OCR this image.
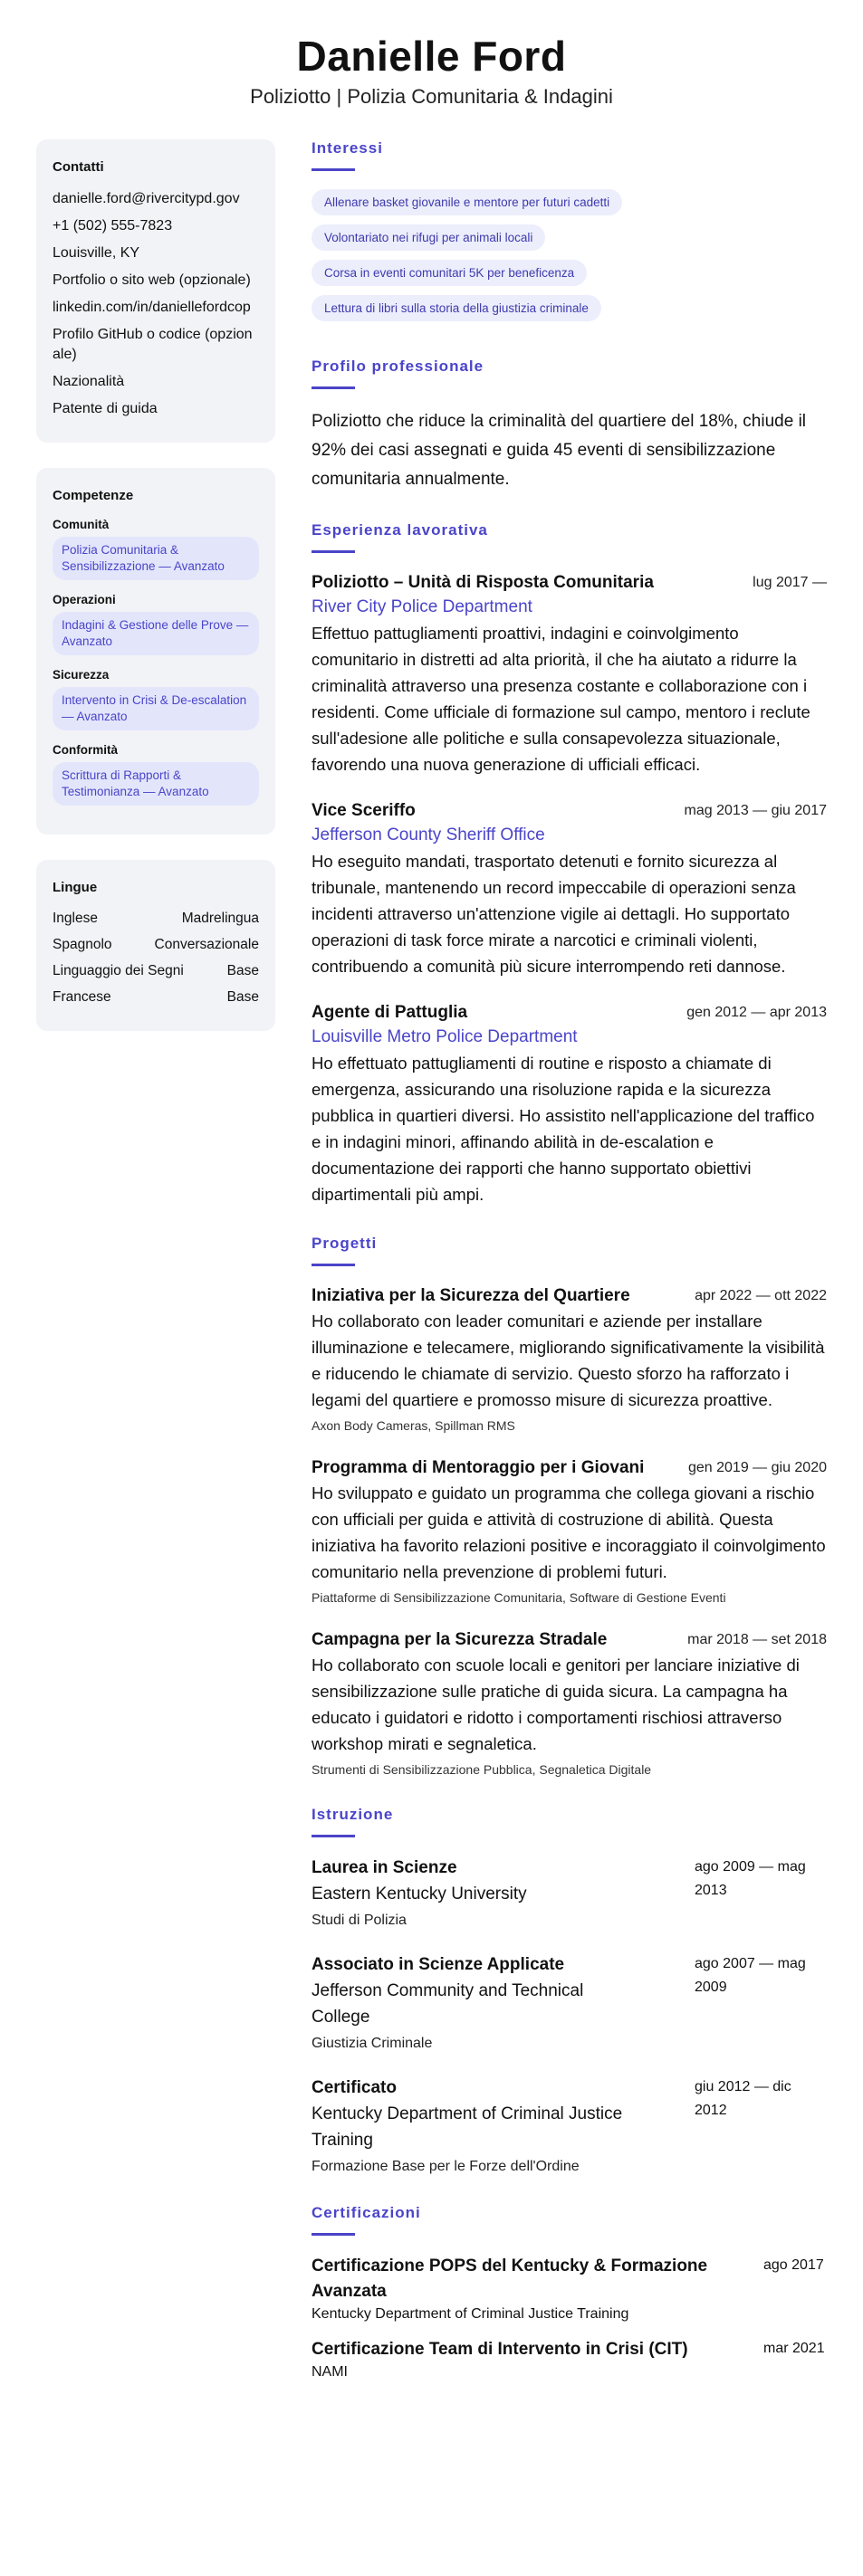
Danielle Ford
Poliziotto | Polizia Comunitaria & Indagini
Contatti
danielle.ford@rivercitypd.gov
+1 (502) 555-7823
Louisville, KY
Portfolio o sito web (opzionale)
linkedin.com/in/daniellefordcop
Profilo GitHub o codice (opzionale)
Nazionalità
Patente di guida
Competenze
Comunità
Polizia Comunitaria & Sensibilizzazione — Avanzato
Operazioni
Indagini & Gestione delle Prove — Avanzato
Sicurezza
Intervento in Crisi & De-escalation — Avanzato
Conformità
Scrittura di Rapporti & Testimonianza — Avanzato
Lingue
Inglese	Madrelingua
Spagnolo	Conversazionale
Linguaggio dei Segni	Base
Francese	Base
Interessi
Allenare basket giovanile e mentore per futuri cadetti
Volontariato nei rifugi per animali locali
Corsa in eventi comunitari 5K per beneficenza
Lettura di libri sulla storia della giustizia criminale
Profilo professionale
Poliziotto che riduce la criminalità del quartiere del 18%, chiude il 92% dei casi assegnati e guida 45 eventi di sensibilizzazione comunitaria annualmente.
Esperienza lavorativa
Poliziotto – Unità di Risposta Comunitaria	lug 2017 —
River City Police Department
Effettuo pattugliamenti proattivi, indagini e coinvolgimento comunitario in distretti ad alta priorità, il che ha aiutato a ridurre la criminalità attraverso una presenza costante e collaborazione con i residenti. Come ufficiale di formazione sul campo, mentoro i reclute sull'adesione alle politiche e sulla consapevolezza situazionale, favorendo una nuova generazione di ufficiali efficaci.
Vice Sceriffo	mag 2013 — giu 2017
Jefferson County Sheriff Office
Ho eseguito mandati, trasportato detenuti e fornito sicurezza al tribunale, mantenendo un record impeccabile di operazioni senza incidenti attraverso un'attenzione vigile ai dettagli. Ho supportato operazioni di task force mirate a narcotici e criminali violenti, contribuendo a comunità più sicure interrompendo reti dannose.
Agente di Pattuglia	gen 2012 — apr 2013
Louisville Metro Police Department
Ho effettuato pattugliamenti di routine e risposto a chiamate di emergenza, assicurando una risoluzione rapida e la sicurezza pubblica in quartieri diversi. Ho assistito nell'applicazione del traffico e in indagini minori, affinando abilità in de-escalation e documentazione dei rapporti che hanno supportato obiettivi dipartimentali più ampi.
Progetti
Iniziativa per la Sicurezza del Quartiere	apr 2022 — ott 2022
Ho collaborato con leader comunitari e aziende per installare illuminazione e telecamere, migliorando significativamente la visibilità e riducendo le chiamate di servizio. Questo sforzo ha rafforzato i legami del quartiere e promosso misure di sicurezza proattive.
Axon Body Cameras, Spillman RMS
Programma di Mentoraggio per i Giovani	gen 2019 — giu 2020
Ho sviluppato e guidato un programma che collega giovani a rischio con ufficiali per guida e attività di costruzione di abilità. Questa iniziativa ha favorito relazioni positive e incoraggiato il coinvolgimento comunitario nella prevenzione di problemi futuri.
Piattaforme di Sensibilizzazione Comunitaria, Software di Gestione Eventi
Campagna per la Sicurezza Stradale	mar 2018 — set 2018
Ho collaborato con scuole locali e genitori per lanciare iniziative di sensibilizzazione sulle pratiche di guida sicura. La campagna ha educato i guidatori e ridotto i comportamenti rischiosi attraverso workshop mirati e segnaletica.
Strumenti di Sensibilizzazione Pubblica, Segnaletica Digitale
Istruzione
Laurea in Scienze
Eastern Kentucky University
Studi di Polizia
ago 2009 — mag 2013
Associato in Scienze Applicate
Jefferson Community and Technical College
Giustizia Criminale
ago 2007 — mag 2009
Certificato
Kentucky Department of Criminal Justice Training
Formazione Base per le Forze dell'Ordine
giu 2012 — dic 2012
Certificazioni
Certificazione POPS del Kentucky & Formazione Avanzata
ago 2017
Kentucky Department of Criminal Justice Training
Certificazione Team di Intervento in Crisi (CIT)	mar 2021
NAMI
